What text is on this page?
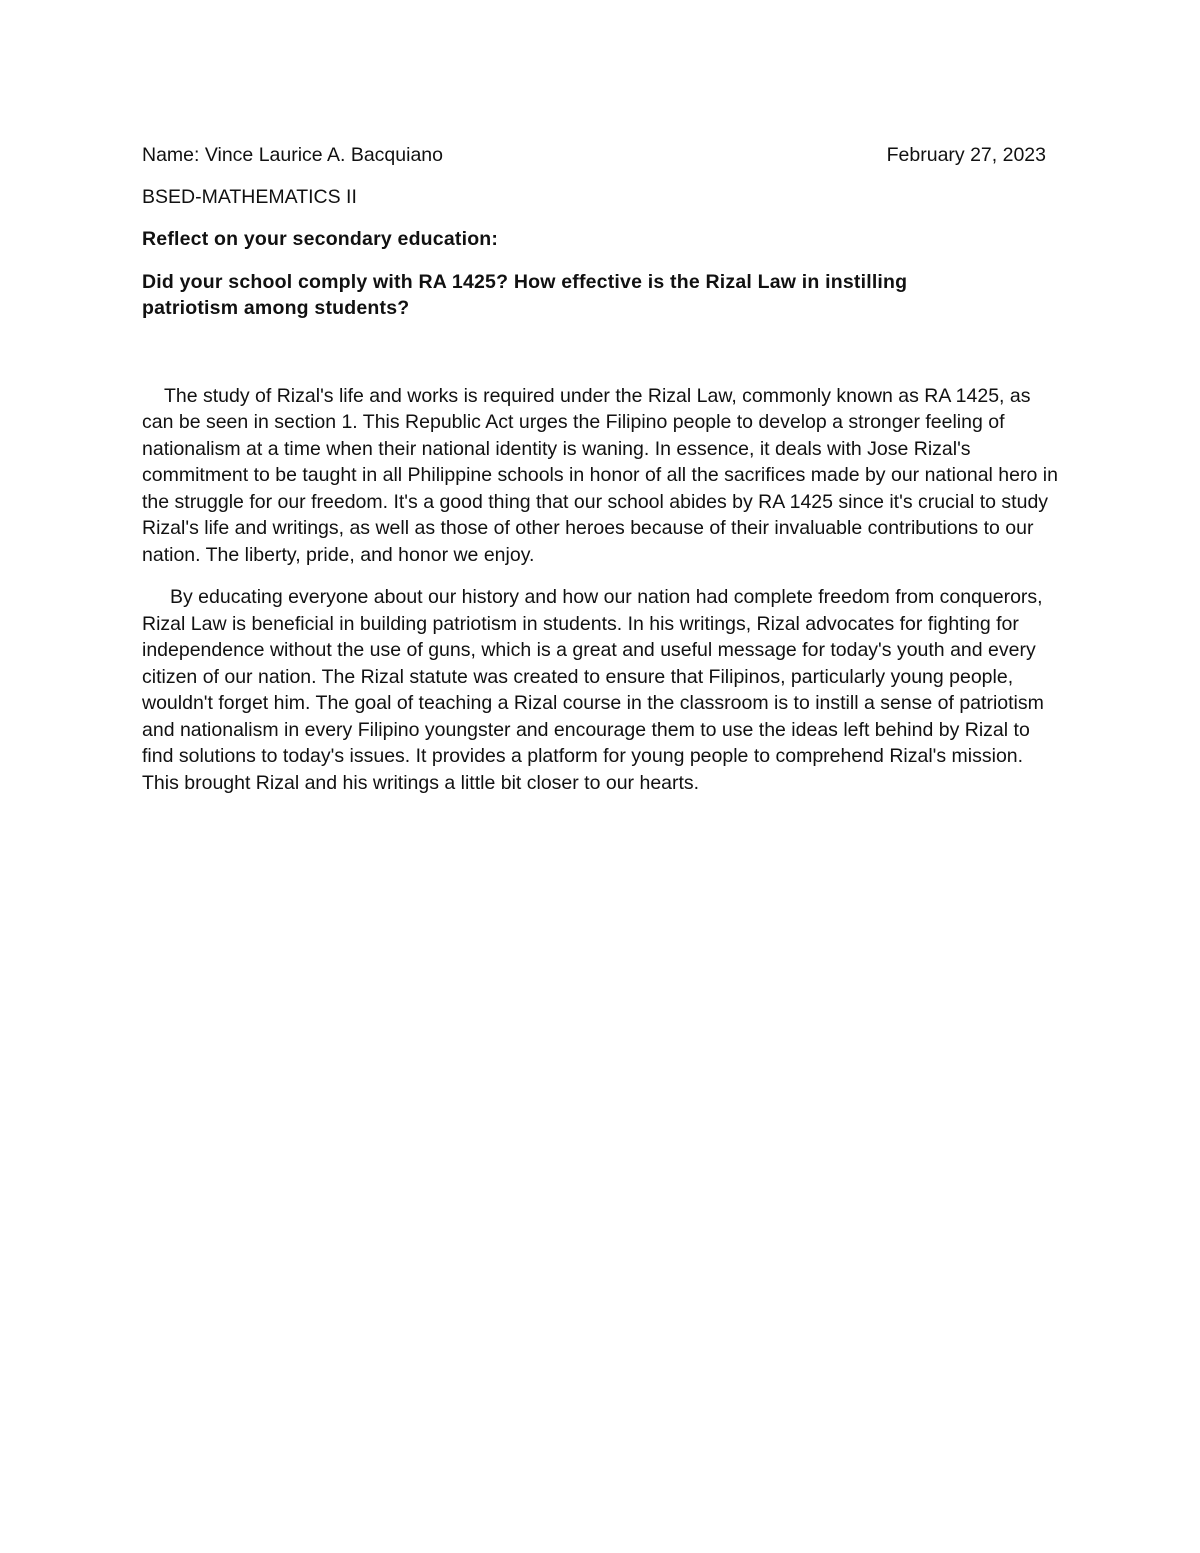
Name: Vince Laurice A. Bacquiano	February 27, 2023
BSED-MATHEMATICS II
Reflect on your secondary education:
Did your school comply with RA 1425? How effective is the Rizal Law in instilling patriotism among students?

The study of Rizal's life and works is required under the Rizal Law, commonly known as RA 1425, as can be seen in section 1. This Republic Act urges the Filipino people to develop a stronger feeling of nationalism at a time when their national identity is waning. In essence, it deals with Jose Rizal's commitment to be taught in all Philippine schools in honor of all the sacrifices made by our national hero in the struggle for our freedom. It's a good thing that our school abides by RA 1425 since it's crucial to study Rizal's life and writings, as well as those of other heroes because of their invaluable contributions to our nation. The liberty, pride, and honor we enjoy.

By educating everyone about our history and how our nation had complete freedom from conquerors, Rizal Law is beneficial in building patriotism in students. In his writings, Rizal advocates for fighting for independence without the use of guns, which is a great and useful message for today's youth and every citizen of our nation. The Rizal statute was created to ensure that Filipinos, particularly young people, wouldn't forget him. The goal of teaching a Rizal course in the classroom is to instill a sense of patriotism and nationalism in every Filipino youngster and encourage them to use the ideas left behind by Rizal to find solutions to today's issues. It provides a platform for young people to comprehend Rizal's mission. This brought Rizal and his writings a little bit closer to our hearts.
